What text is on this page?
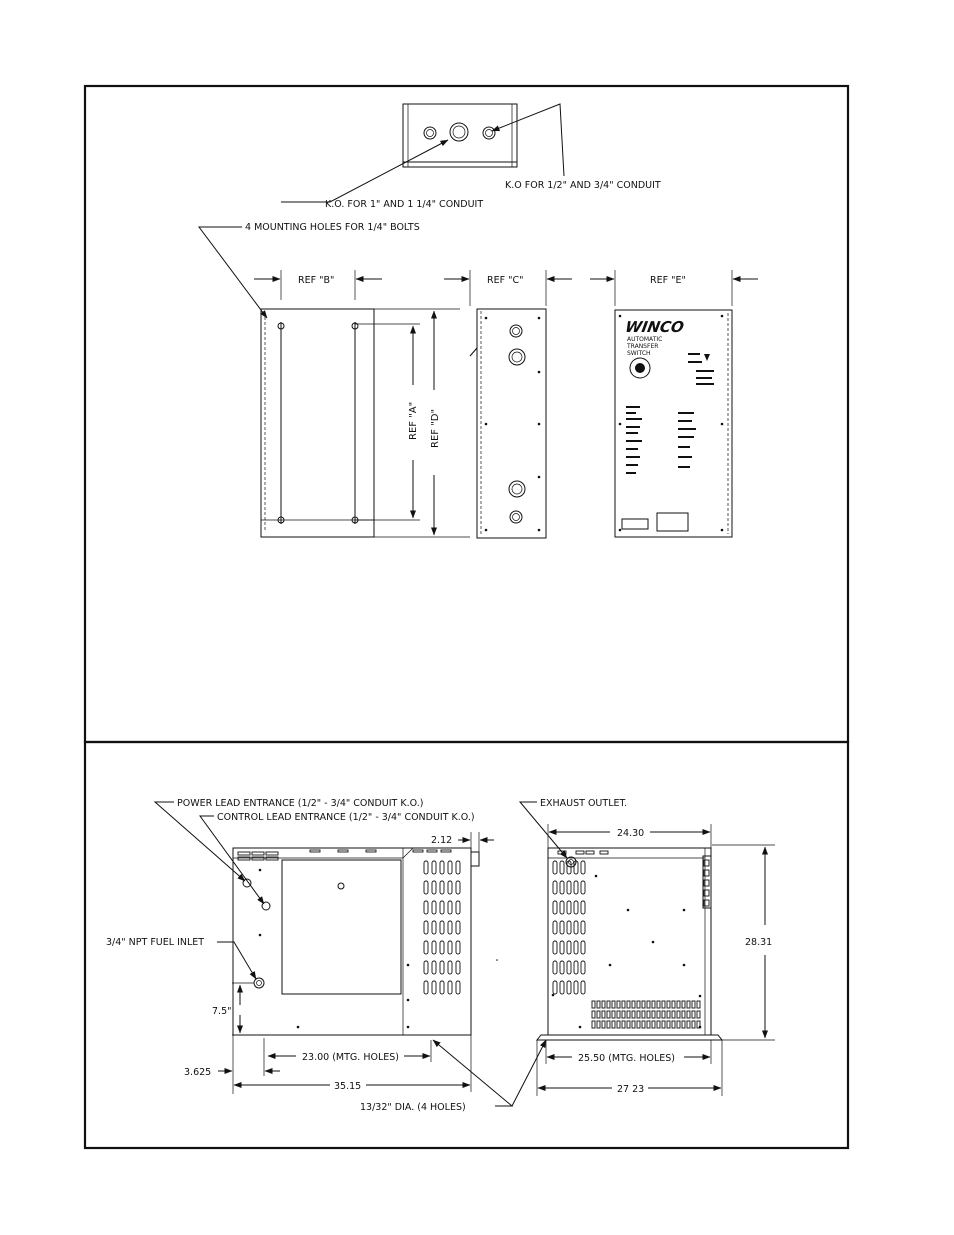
K.O. FOR 1" AND 1 1/4" CONDUIT
K.O FOR 1/2" AND 3/4" CONDUIT
4 MOUNTING HOLES FOR 1/4" BOLTS
REF "B"	REF "C"	REF "E"
REF "A" REF "D"
WINCO
AUTOMATIC
TRANSFER
SWITCH
POWER LEAD ENTRANCE (1/2" - 3/4" CONDUIT K.O.)
CONTROL LEAD ENTRANCE (1/2" - 3/4" CONDUIT K.O.)
3/4" NPT FUEL INLET
2.12
7.5"
3.625
23.00 (MTG. HOLES)
35.15
13/32" DIA. (4 HOLES)
EXHAUST OUTLET.
24.30
28.31
25.50 (MTG. HOLES)
27 23
